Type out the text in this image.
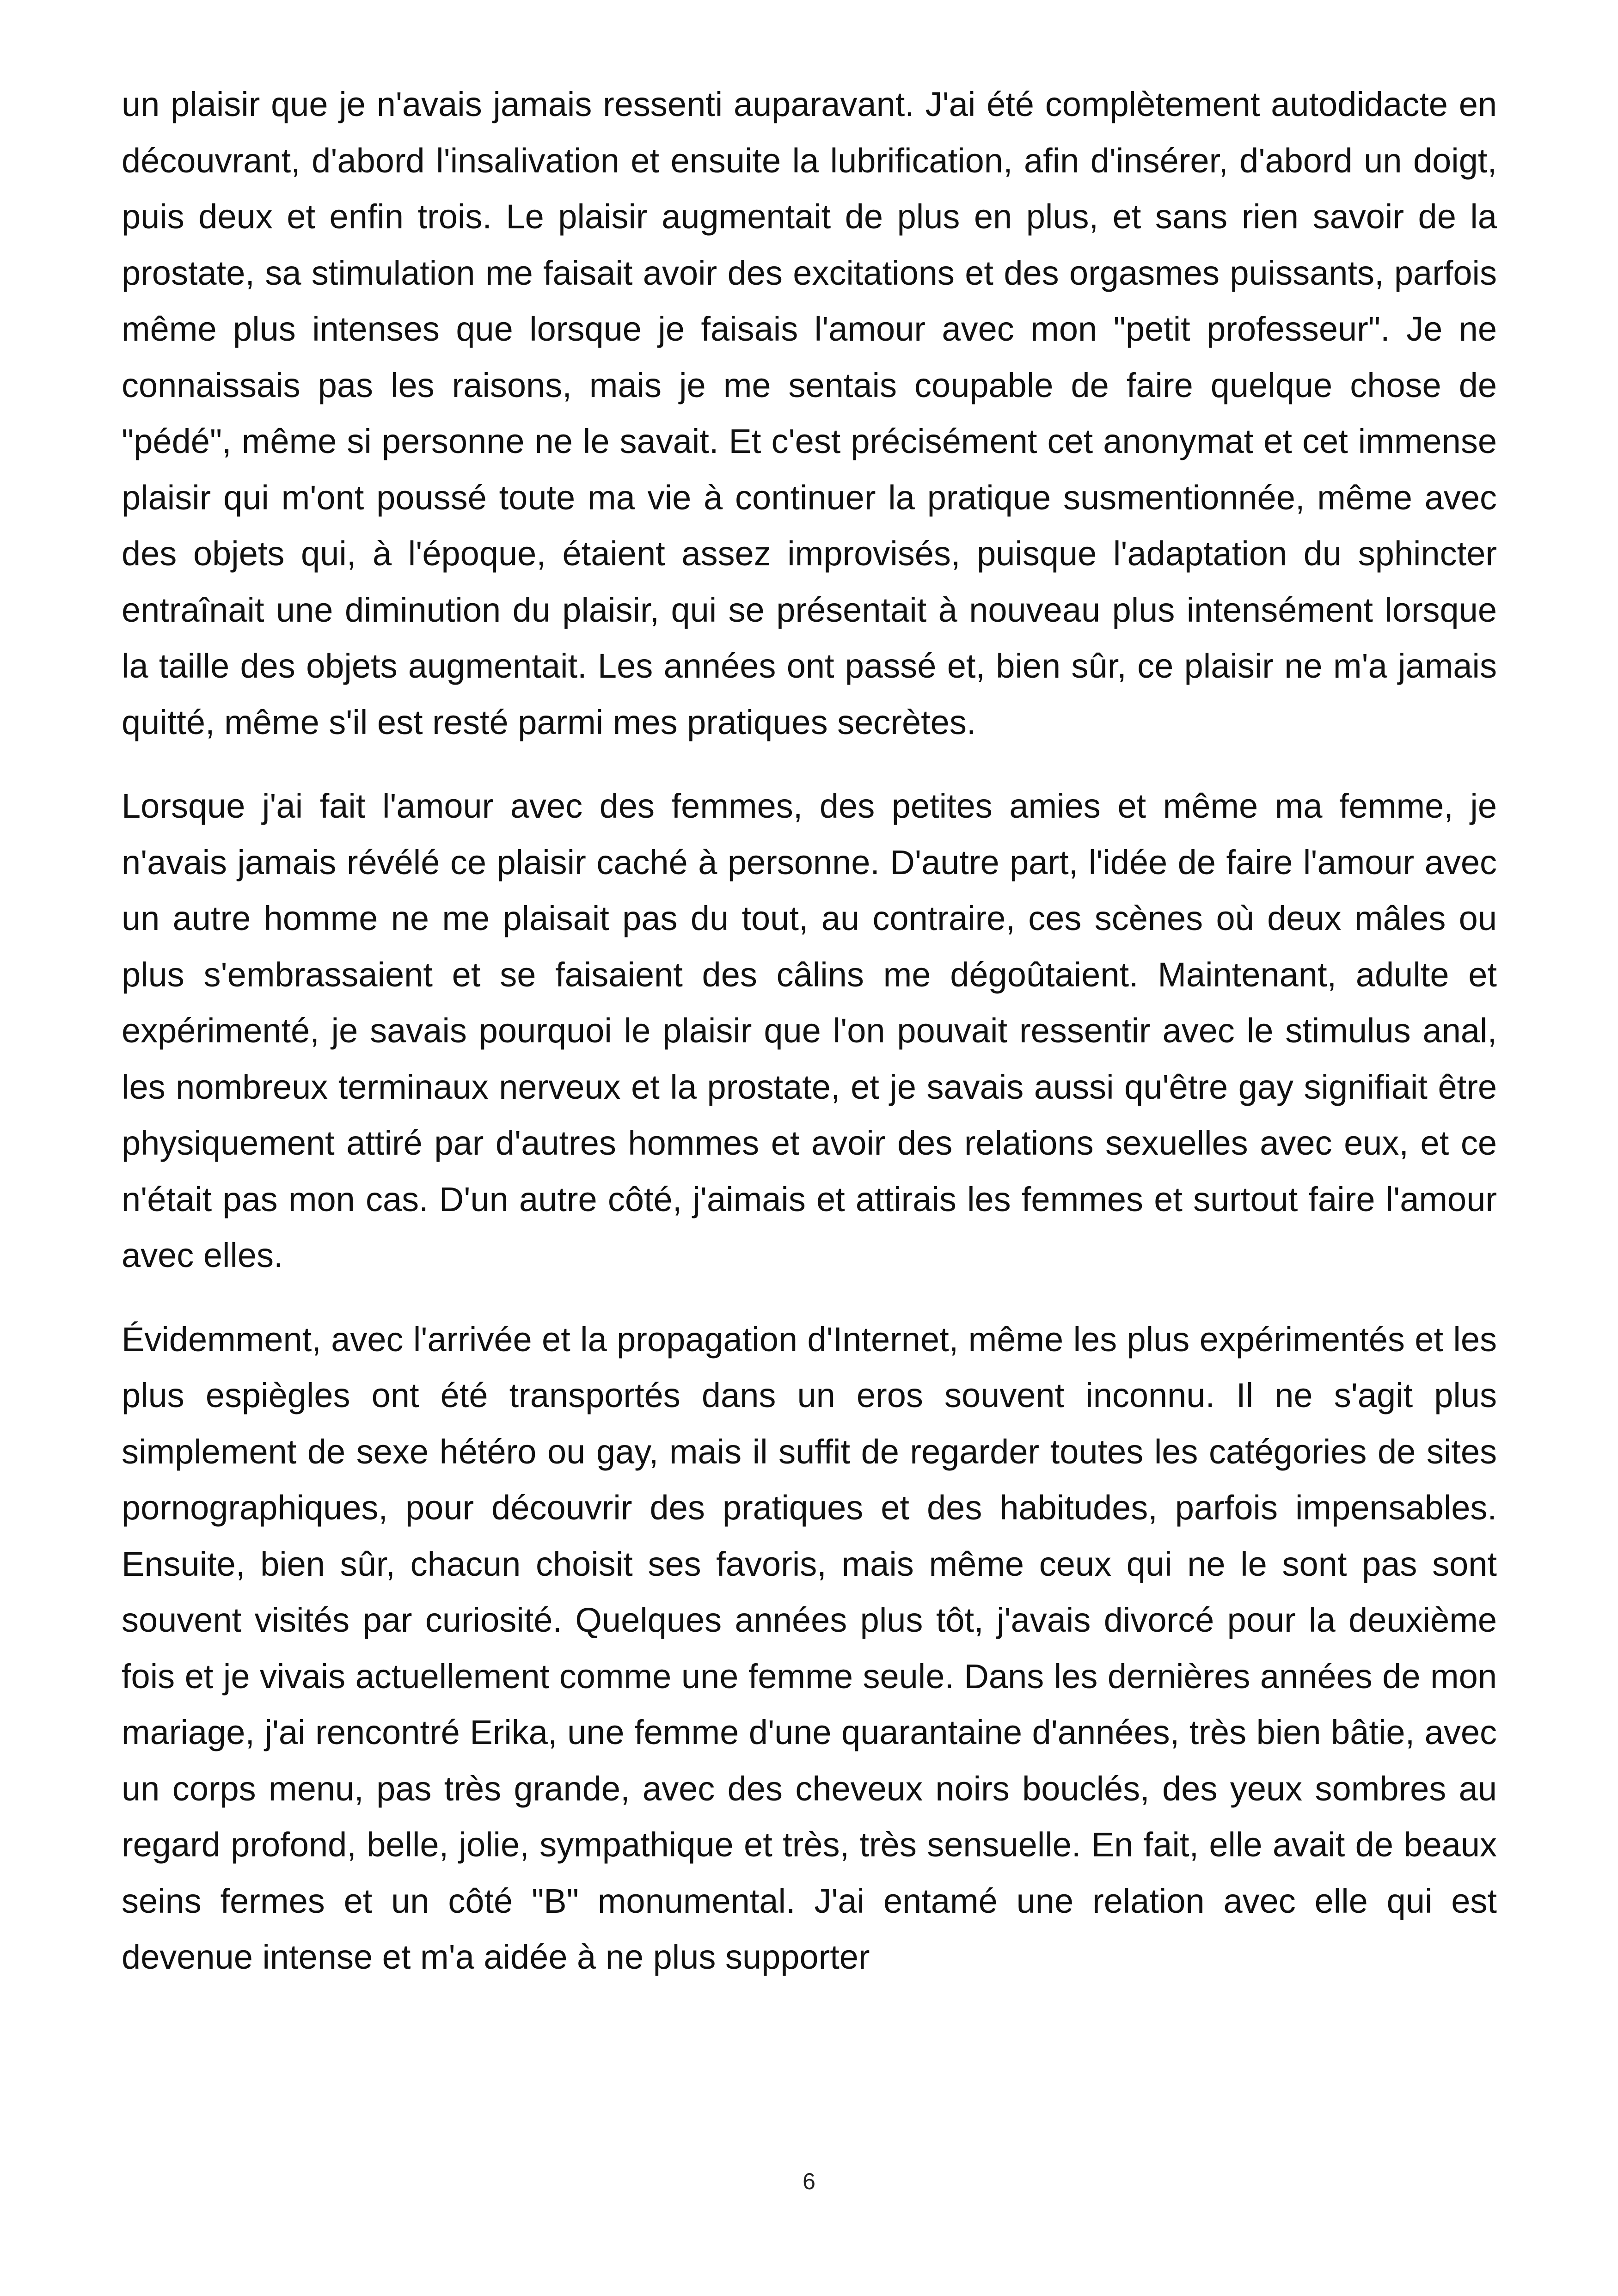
un plaisir que je n'avais jamais ressenti auparavant. J'ai été complètement autodidacte en découvrant, d'abord l'insalivation et ensuite la lubrification, afin d'insérer, d'abord un doigt, puis deux et enfin trois. Le plaisir augmentait de plus en plus, et sans rien savoir de la prostate, sa stimulation me faisait avoir des excitations et des orgasmes puissants, parfois même plus intenses que lorsque je faisais l'amour avec mon "petit professeur". Je ne connaissais pas les raisons, mais je me sentais coupable de faire quelque chose de "pédé", même si personne ne le savait. Et c'est précisément cet anonymat et cet immense plaisir qui m'ont poussé toute ma vie à continuer la pratique susmentionnée, même avec des objets qui, à l'époque, étaient assez improvisés, puisque l'adaptation du sphincter entraînait une diminution du plaisir, qui se présentait à nouveau plus intensément lorsque la taille des objets augmentait. Les années ont passé et, bien sûr, ce plaisir ne m'a jamais quitté, même s'il est resté parmi mes pratiques secrètes.

Lorsque j'ai fait l'amour avec des femmes, des petites amies et même ma femme, je n'avais jamais révélé ce plaisir caché à personne. D'autre part, l'idée de faire l'amour avec un autre homme ne me plaisait pas du tout, au contraire, ces scènes où deux mâles ou plus s'embrassaient et se faisaient des câlins me dégoûtaient. Maintenant, adulte et expérimenté, je savais pourquoi le plaisir que l'on pouvait ressentir avec le stimulus anal, les nombreux terminaux nerveux et la prostate, et je savais aussi qu'être gay signifiait être physiquement attiré par d'autres hommes et avoir des relations sexuelles avec eux, et ce n'était pas mon cas. D'un autre côté, j'aimais et attirais les femmes et surtout faire l'amour avec elles.

Évidemment, avec l'arrivée et la propagation d'Internet, même les plus expérimentés et les plus espiègles ont été transportés dans un eros souvent inconnu. Il ne s'agit plus simplement de sexe hétéro ou gay, mais il suffit de regarder toutes les catégories de sites pornographiques, pour découvrir des pratiques et des habitudes, parfois impensables. Ensuite, bien sûr, chacun choisit ses favoris, mais même ceux qui ne le sont pas sont souvent visités par curiosité. Quelques années plus tôt, j'avais divorcé pour la deuxième fois et je vivais actuellement comme une femme seule. Dans les dernières années de mon mariage, j'ai rencontré Erika, une femme d'une quarantaine d'années, très bien bâtie, avec un corps menu, pas très grande, avec des cheveux noirs bouclés, des yeux sombres au regard profond, belle, jolie, sympathique et très, très sensuelle. En fait, elle avait de beaux seins fermes et un côté "B" monumental. J'ai entamé une relation avec elle qui est devenue intense et m'a aidée à ne plus supporter

6
